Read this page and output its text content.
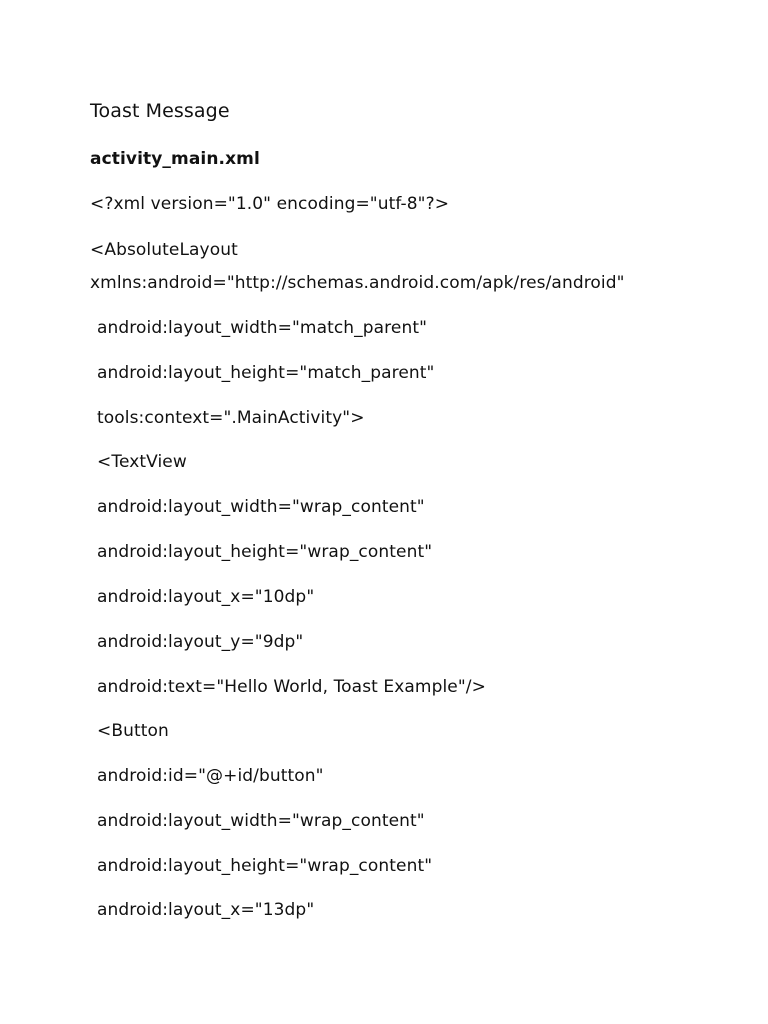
Toast Message
activity_main.xml
<?xml version="1.0" encoding="utf-8"?>
<AbsoluteLayout
xmlns:android="http://schemas.android.com/apk/res/android"
android:layout_width="match_parent"
android:layout_height="match_parent"
tools:context=".MainActivity">
<TextView
android:layout_width="wrap_content"
android:layout_height="wrap_content"
android:layout_x="10dp"
android:layout_y="9dp"
android:text="Hello World, Toast Example"/>
<Button
android:id="@+id/button"
android:layout_width="wrap_content"
android:layout_height="wrap_content"
android:layout_x="13dp"
